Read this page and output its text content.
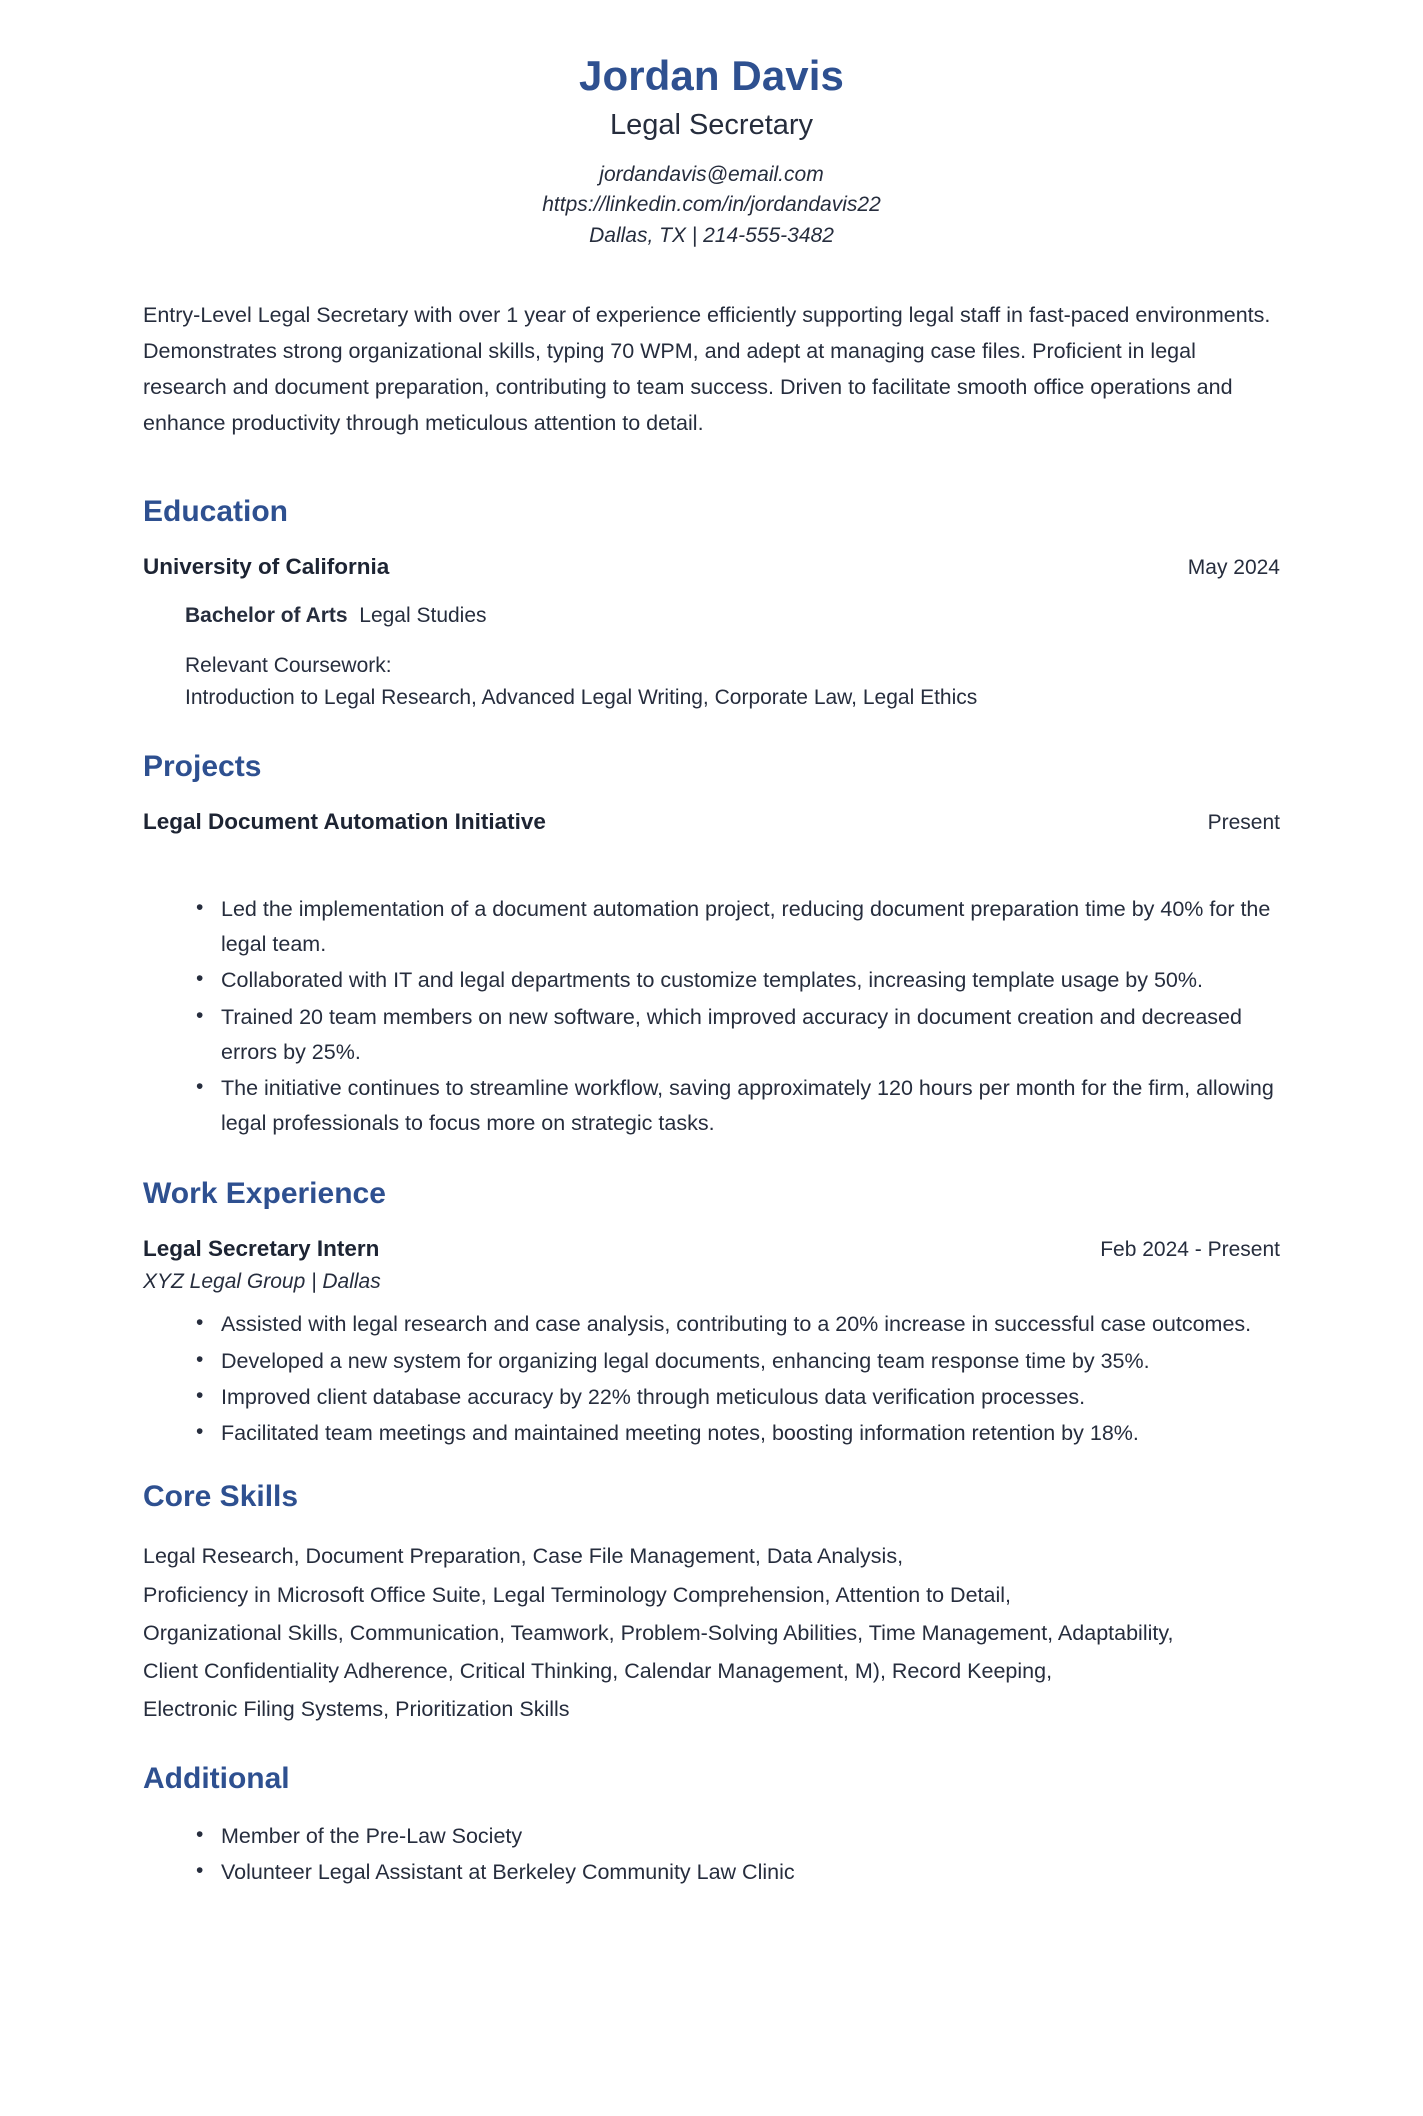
Jordan Davis
Legal Secretary
jordandavis@email.com
https://linkedin.com/in/jordandavis22
Dallas, TX | 214-555-3482
Entry-Level Legal Secretary with over 1 year of experience efficiently supporting legal staff in fast-paced environments. Demonstrates strong organizational skills, typing 70 WPM, and adept at managing case files. Proficient in legal research and document preparation, contributing to team success. Driven to facilitate smooth office operations and enhance productivity through meticulous attention to detail.
Education
University of California	May 2024
Bachelor of Arts Legal Studies
Relevant Coursework:
Introduction to Legal Research, Advanced Legal Writing, Corporate Law, Legal Ethics
Projects
Legal Document Automation Initiative	Present
• Led the implementation of a document automation project, reducing document preparation time by 40% for the legal team.
• Collaborated with IT and legal departments to customize templates, increasing template usage by 50%.
• Trained 20 team members on new software, which improved accuracy in document creation and decreased errors by 25%.
• The initiative continues to streamline workflow, saving approximately 120 hours per month for the firm, allowing legal professionals to focus more on strategic tasks.
Work Experience
Legal Secretary Intern	Feb 2024 - Present
XYZ Legal Group | Dallas
• Assisted with legal research and case analysis, contributing to a 20% increase in successful case outcomes.
• Developed a new system for organizing legal documents, enhancing team response time by 35%.
• Improved client database accuracy by 22% through meticulous data verification processes.
• Facilitated team meetings and maintained meeting notes, boosting information retention by 18%.
Core Skills
Legal Research, Document Preparation, Case File Management, Data Analysis,
Proficiency in Microsoft Office Suite, Legal Terminology Comprehension, Attention to Detail,
Organizational Skills, Communication, Teamwork, Problem-Solving Abilities, Time Management, Adaptability,
Client Confidentiality Adherence, Critical Thinking, Calendar Management, M), Record Keeping,
Electronic Filing Systems, Prioritization Skills
Additional
• Member of the Pre-Law Society
• Volunteer Legal Assistant at Berkeley Community Law Clinic
